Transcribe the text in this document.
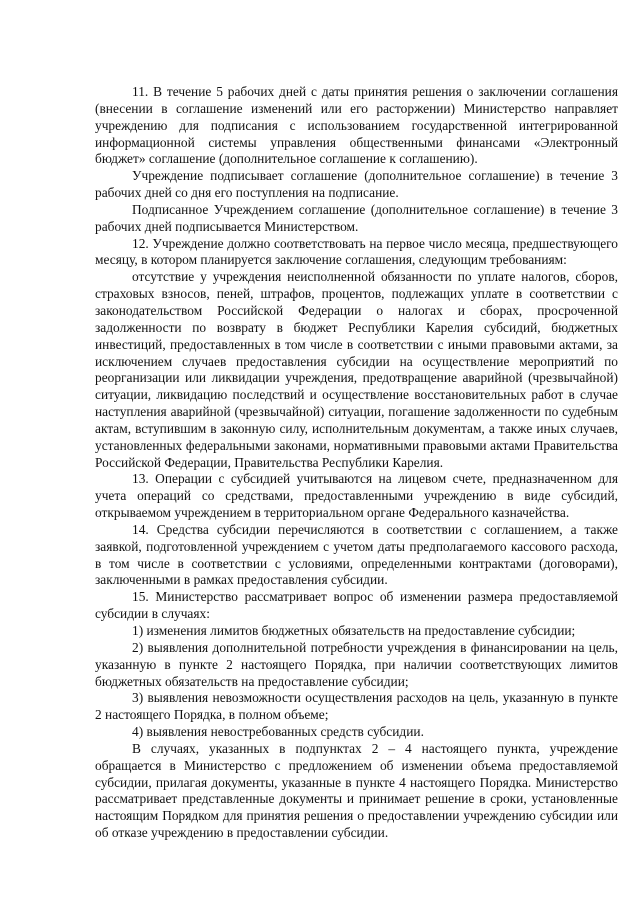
11. В течение 5 рабочих дней с даты принятия решения о заключении соглашения (внесении в соглашение изменений или его расторжении) Министерство направляет учреждению для подписания с использованием государственной интегрированной информационной системы управления общественными финансами «Электронный бюджет» соглашение (дополнительное соглашение к соглашению).

Учреждение подписывает соглашение (дополнительное соглашение) в течение 3 рабочих дней со дня его поступления на подписание.

Подписанное Учреждением соглашение (дополнительное соглашение) в течение 3 рабочих дней подписывается Министерством.

12. Учреждение должно соответствовать на первое число месяца, предшествующего месяцу, в котором планируется заключение соглашения, следующим требованиям:

отсутствие у учреждения неисполненной обязанности по уплате налогов, сборов, страховых взносов, пеней, штрафов, процентов, подлежащих уплате в соответствии с законодательством Российской Федерации о налогах и сборах, просроченной задолженности по возврату в бюджет Республики Карелия субсидий, бюджетных инвестиций, предоставленных в том числе в соответствии с иными правовыми актами, за исключением случаев предоставления субсидии на осуществление мероприятий по реорганизации или ликвидации учреждения, предотвращение аварийной (чрезвычайной) ситуации, ликвидацию последствий и осуществление восстановительных работ в случае наступления аварийной (чрезвычайной) ситуации, погашение задолженности по судебным актам, вступившим в законную силу, исполнительным документам, а также иных случаев, установленных федеральными законами, нормативными правовыми актами Правительства Российской Федерации, Правительства Республики Карелия.

13. Операции с субсидией учитываются на лицевом счете, предназначенном для учета операций со средствами, предоставленными учреждению в виде субсидий, открываемом учреждением в территориальном органе Федерального казначейства.

14. Средства субсидии перечисляются в соответствии с соглашением, а также заявкой, подготовленной учреждением с учетом даты предполагаемого кассового расхода, в том числе в соответствии с условиями, определенными контрактами (договорами), заключенными в рамках предоставления субсидии.

15. Министерство рассматривает вопрос об изменении размера предоставляемой субсидии в случаях:

1) изменения лимитов бюджетных обязательств на предоставление субсидии;

2) выявления дополнительной потребности учреждения в финансировании на цель, указанную в пункте 2 настоящего Порядка, при наличии соответствующих лимитов бюджетных обязательств на предоставление субсидии;

3) выявления невозможности осуществления расходов на цель, указанную в пункте 2 настоящего Порядка, в полном объеме;

4) выявления невостребованных средств субсидии.

В случаях, указанных в подпунктах 2 – 4 настоящего пункта, учреждение обращается в Министерство с предложением об изменении объема предоставляемой субсидии, прилагая документы, указанные в пункте 4 настоящего Порядка. Министерство рассматривает представленные документы и принимает решение в сроки, установленные настоящим Порядком для принятия решения о предоставлении учреждению субсидии или об отказе учреждению в предоставлении субсидии.
